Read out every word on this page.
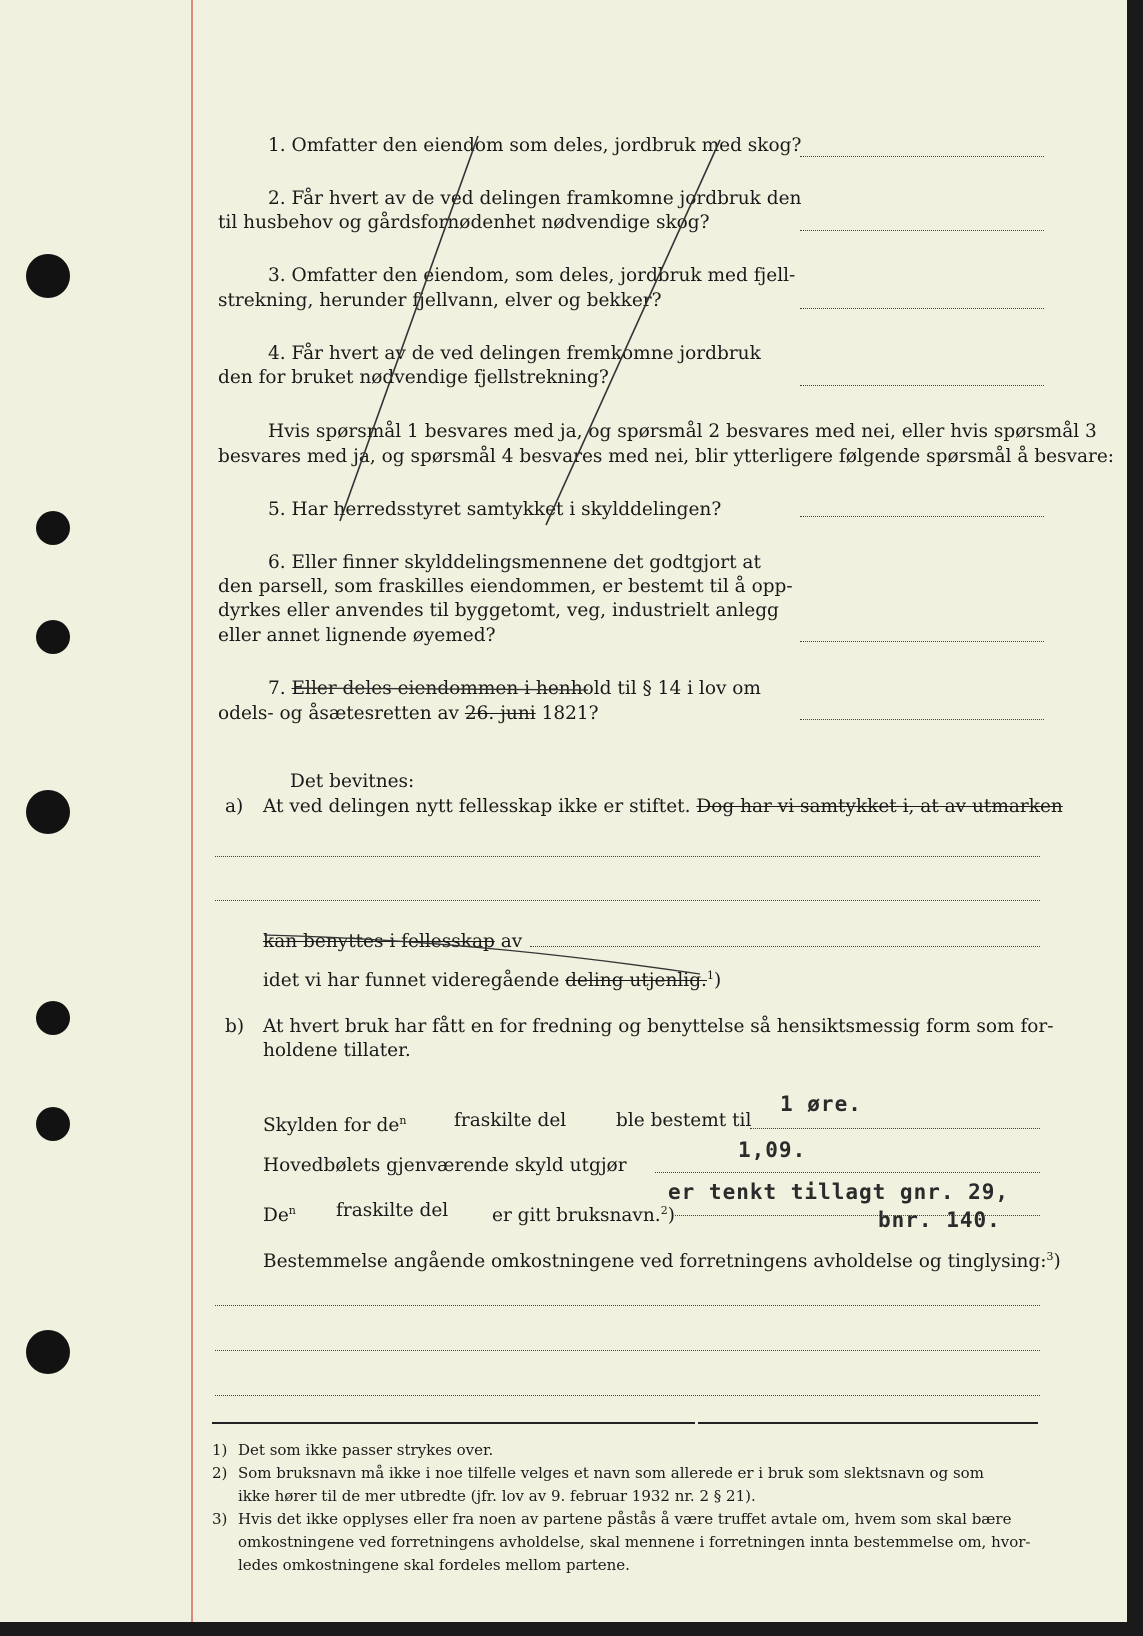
1. Omfatter den eiendom som deles, jordbruk med skog?
2. Får hvert av de ved delingen framkomne jordbruk den
til husbehov og gårdsfornødenhet nødvendige skog?
3. Omfatter den eiendom, som deles, jordbruk med fjell-
strekning, herunder fjellvann, elver og bekker?
4. Får hvert av de ved delingen fremkomne jordbruk
den for bruket nødvendige fjellstrekning?
Hvis spørsmål 1 besvares med ja, og spørsmål 2 besvares med nei, eller hvis spørsmål 3
besvares med ja, og spørsmål 4 besvares med nei, blir ytterligere følgende spørsmål å besvare:
5. Har herredsstyret samtykket i skylddelingen?
6. Eller finner skylddelingsmennene det godtgjort at
den parsell, som fraskilles eiendommen, er bestemt til å opp-
dyrkes eller anvendes til byggetomt, veg, industrielt anlegg
eller annet lignende øyemed?
7. Eller deles eiendommen i henhold til § 14 i lov om
odels- og åsætesretten av 26. juni 1821?
Det bevitnes:
a) At ved delingen nytt fellesskap ikke er stiftet. Dog har vi samtykket i, at av utmarken
kan benyttes i fellesskap av
idet vi har funnet videregående deling utjenlig.$^1$)
b) At hvert bruk har fått en for fredning og benyttelse så hensiktsmessig form som for-
holdene tillater.
Skylden for $de^n$	fraskilte del	ble bestemt til
1 øre.
Hovedbølets gjenværende skyld utgjør
1,09.
De$^n$ fraskilte del er gitt bruksnavn.$^2$)
er tenkt tillagt gnr. 29,
bnr. 140.
Bestemmelse angående omkostningene ved forretningens avholdelse og tinglysing:$^3$)
1) Det som ikke passer strykes over.
2) Som bruksnavn må ikke i noe tilfelle velges et navn som allerede er i bruk som slektsnavn og som
ikke hører til de mer utbredte (jfr. lov av 9. februar 1932 nr. 2 § 21).
3) Hvis det ikke opplyses eller fra noen av partene påstås å være truffet avtale om, hvem som skal bære
omkostningene ved forretningens avholdelse, skal mennene i forretningen innta bestemmelse om, hvor-
ledes omkostningene skal fordeles mellom partene.
